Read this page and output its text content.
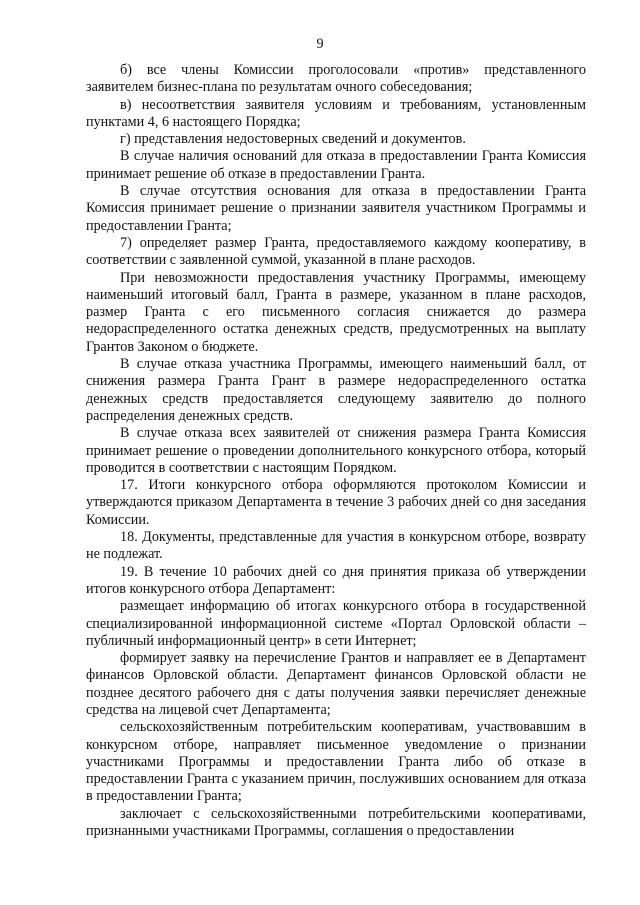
9

б) все члены Комиссии проголосовали «против» представленного заявителем бизнес-плана по результатам очного собеседования;

в) несоответствия заявителя условиям и требованиям, установленным пунктами 4, 6 настоящего Порядка;

г) представления недостоверных сведений и документов.

В случае наличия оснований для отказа в предоставлении Гранта Комиссия принимает решение об отказе в предоставлении Гранта.

В случае отсутствия основания для отказа в предоставлении Гранта Комиссия принимает решение о признании заявителя участником Программы и предоставлении Гранта;

7) определяет размер Гранта, предоставляемого каждому кооперативу, в соответствии с заявленной суммой, указанной в плане расходов.

При невозможности предоставления участнику Программы, имеющему наименьший итоговый балл, Гранта в размере, указанном в плане расходов, размер Гранта с его письменного согласия снижается до размера недораспределенного остатка денежных средств, предусмотренных на выплату Грантов Законом о бюджете.

В случае отказа участника Программы, имеющего наименьший балл, от снижения размера Гранта Грант в размере недораспределенного остатка денежных средств предоставляется следующему заявителю до полного распределения денежных средств.

В случае отказа всех заявителей от снижения размера Гранта Комиссия принимает решение о проведении дополнительного конкурсного отбора, который проводится в соответствии с настоящим Порядком.

17. Итоги конкурсного отбора оформляются протоколом Комиссии и утверждаются приказом Департамента в течение 3 рабочих дней со дня заседания Комиссии.

18. Документы, представленные для участия в конкурсном отборе, возврату не подлежат.

19. В течение 10 рабочих дней со дня принятия приказа об утверждении итогов конкурсного отбора Департамент:

размещает информацию об итогах конкурсного отбора в государственной специализированной информационной системе «Портал Орловской области – публичный информационный центр» в сети Интернет;

формирует заявку на перечисление Грантов и направляет ее в Департамент финансов Орловской области. Департамент финансов Орловской области не позднее десятого рабочего дня с даты получения заявки перечисляет денежные средства на лицевой счет Департамента;

сельскохозяйственным потребительским кооперативам, участвовавшим в конкурсном отборе, направляет письменное уведомление о признании участниками Программы и предоставлении Гранта либо об отказе в предоставлении Гранта с указанием причин, послуживших основанием для отказа в предоставлении Гранта;

заключает с сельскохозяйственными потребительскими кооперативами, признанными участниками Программы, соглашения о предоставлении
